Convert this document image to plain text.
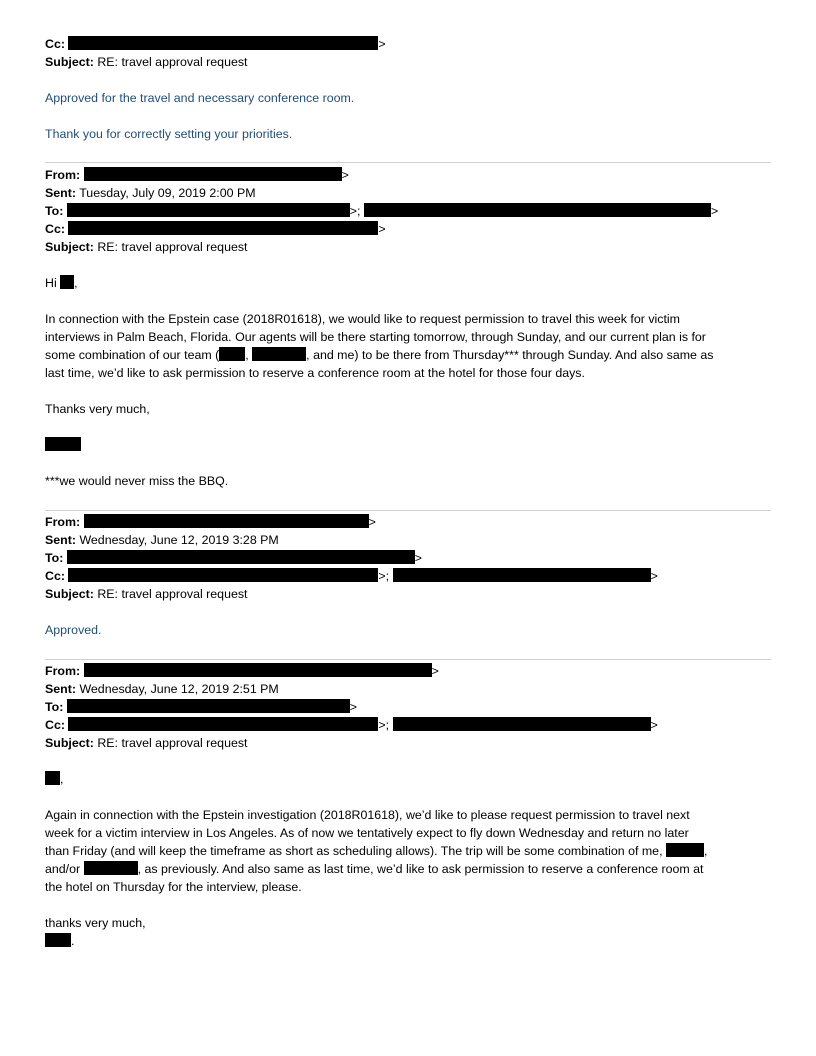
Cc:	>
Subject: RE: travel approval request
Approved for the travel and necessary conference room.
Thank you for correctly setting your priorities.
From:	>
Sent: Tuesday, July 09, 2019 2:00 PM
To:	>;	>
Cc:	>
Subject: RE: travel approval request
Hi ,
In connection with the Epstein case (2018R01618), we would like to request permission to travel this week for victim
interviews in Palm Beach, Florida. Our agents will be there starting tomorrow, through Sunday, and our current plan is for
some combination of our team ( ,	, and me) to be there from Thursday*** through Sunday. And also same as
last time, we’d like to ask permission to reserve a conference room at the hotel for those four days.
Thanks very much,
***we would never miss the BBQ.
From:	>
Sent: Wednesday, June 12, 2019 3:28 PM
To:	>
Cc:	>;	>
Subject: RE: travel approval request
Approved.
From:	>
Sent: Wednesday, June 12, 2019 2:51 PM
To:	>
Cc:	>;	>
Subject: RE: travel approval request
,
Again in connection with the Epstein investigation (2018R01618), we’d like to please request permission to travel next
week for a victim interview in Los Angeles. As of now we tentatively expect to fly down Wednesday and return no later
than Friday (and will keep the timeframe as short as scheduling allows). The trip will be some combination of me,	,
and/or	, as previously. And also same as last time, we’d like to ask permission to reserve a conference room at
the hotel on Thursday for the interview, please.
thanks very much,
.
